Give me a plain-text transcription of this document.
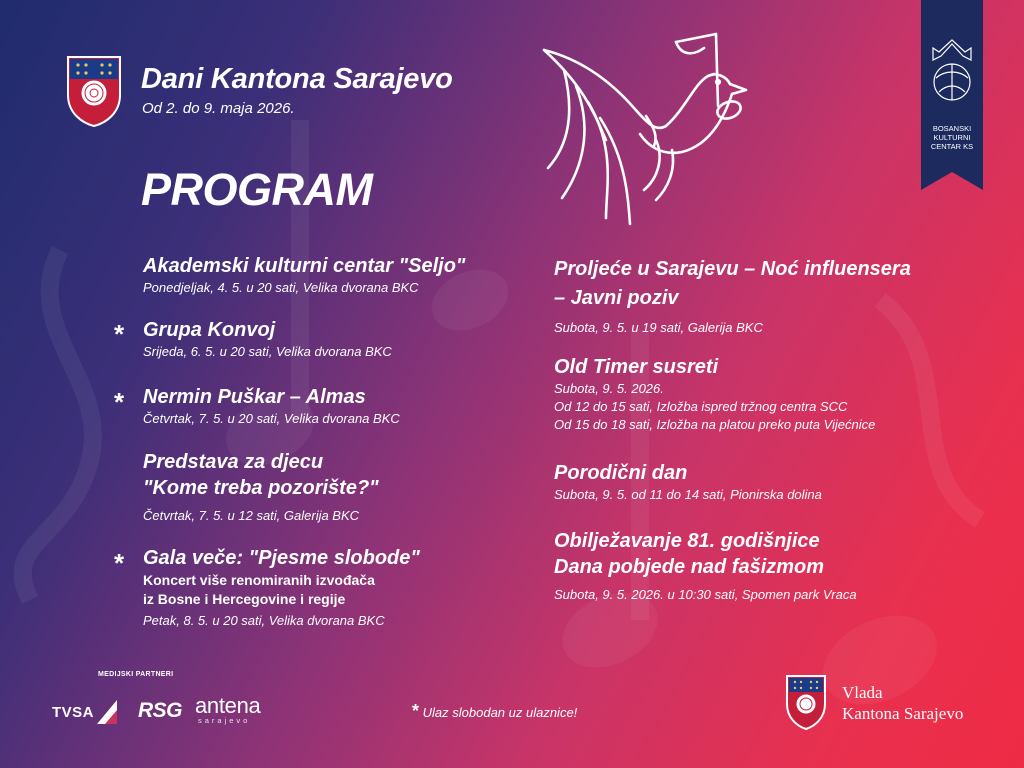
Dani Kantona Sarajevo
Od 2. do 9. maja 2026.
PROGRAM
BOSANSKI
KULTURNI
CENTAR KS
Akademski kulturni centar "Seljo"
Ponedjeljak, 4. 5. u 20 sati, Velika dvorana BKC
* Grupa Konvoj
Srijeda, 6. 5. u 20 sati, Velika dvorana BKC
* Nermin Puškar – Almas
Četvrtak, 7. 5. u 20 sati, Velika dvorana BKC
Predstava za djecu
"Kome treba pozorište?"
Četvrtak, 7. 5. u 12 sati, Galerija BKC
* Gala veče: "Pjesme slobode"
Koncert više renomiranih izvođača
iz Bosne i Hercegovine i regije
Petak, 8. 5. u 20 sati, Velika dvorana BKC
Proljeće u Sarajevu – Noć influensera
– Javni poziv
Subota, 9. 5. u 19 sati, Galerija BKC
Old Timer susreti
Subota, 9. 5. 2026.
Od 12 do 15 sati, Izložba ispred tržnog centra SCC
Od 15 do 18 sati, Izložba na platou preko puta Vijećnice
Porodični dan
Subota, 9. 5. od 11 do 14 sati, Pionirska dolina
Obilježavanje 81. godišnjice
Dana pobjede nad fašizmom
Subota, 9. 5. 2026. u 10:30 sati, Spomen park Vraca
MEDIJSKI PARTNERI
TVSA RSG antena
sarajevo	* Ulaz slobodan uz ulaznice!
Vlada
Kantona Sarajevo
